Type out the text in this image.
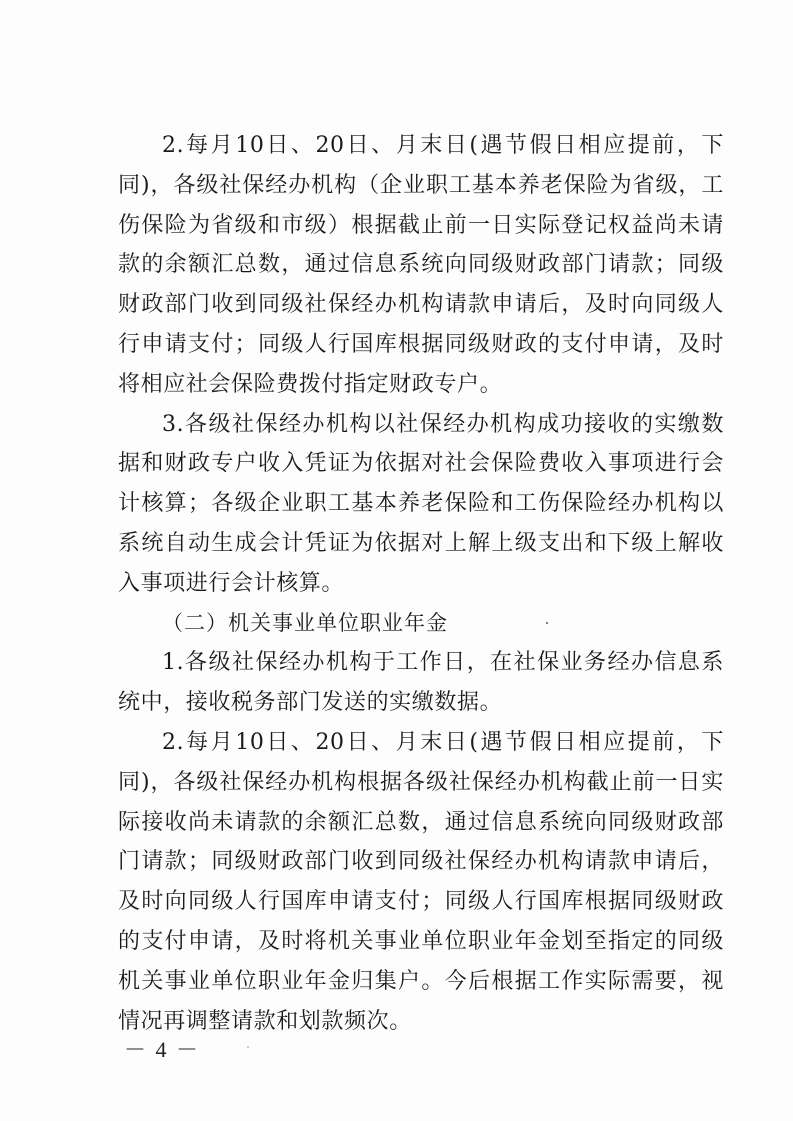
2.每月10日、20日、月末日(遇节假日相应提前，下同)，各级社保经办机构（企业职工基本养老保险为省级，工伤保险为省级和市级）根据截止前一日实际登记权益尚未请款的余额汇总数，通过信息系统向同级财政部门请款；同级财政部门收到同级社保经办机构请款申请后，及时向同级人行申请支付；同级人行国库根据同级财政的支付申请，及时将相应社会保险费拨付指定财政专户。

3.各级社保经办机构以社保经办机构成功接收的实缴数据和财政专户收入凭证为依据对社会保险费收入事项进行会计核算；各级企业职工基本养老保险和工伤保险经办机构以系统自动生成会计凭证为依据对上解上级支出和下级上解收入事项进行会计核算。

（二）机关事业单位职业年金

1.各级社保经办机构于工作日，在社保业务经办信息系统中，接收税务部门发送的实缴数据。

2.每月10日、20日、月末日(遇节假日相应提前，下同)，各级社保经办机构根据各级社保经办机构截止前一日实际接收尚未请款的余额汇总数，通过信息系统向同级财政部门请款；同级财政部门收到同级社保经办机构请款申请后，及时向同级人行国库申请支付；同级人行国库根据同级财政的支付申请，及时将机关事业单位职业年金划至指定的同级机关事业单位职业年金归集户。今后根据工作实际需要，视情况再调整请款和划款频次。

－ 4 －
